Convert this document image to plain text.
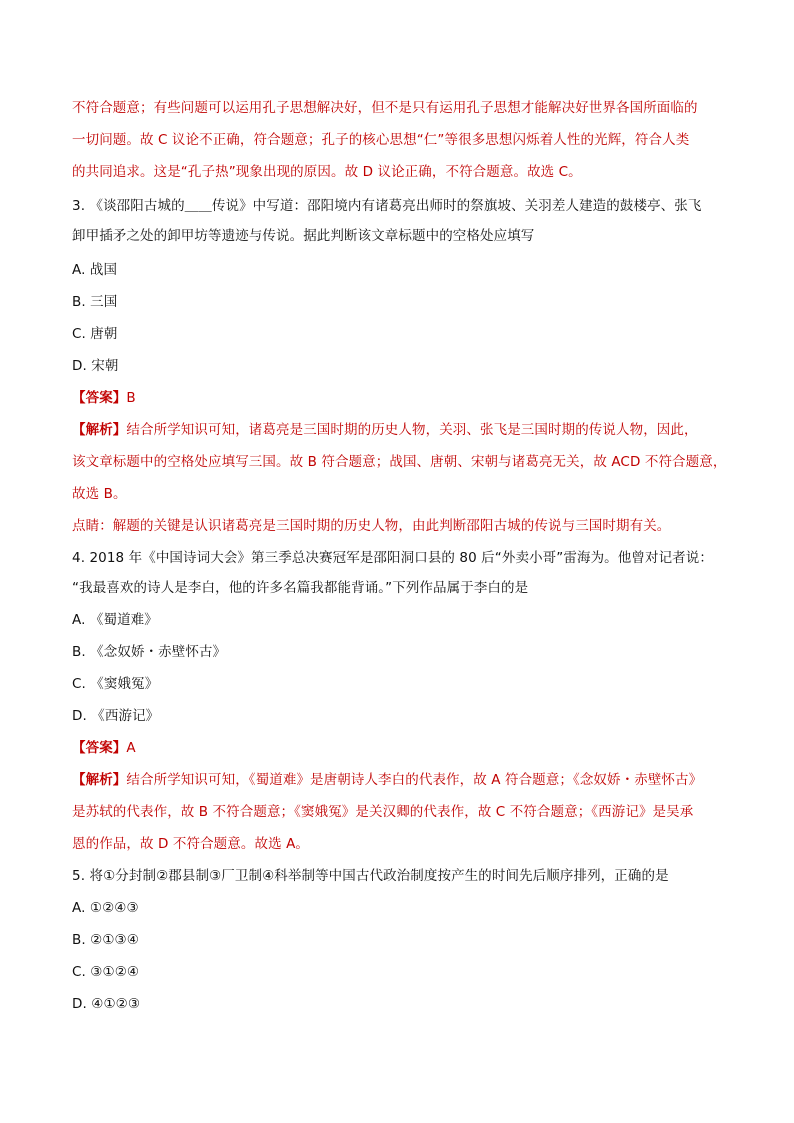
不符合题意；有些问题可以运用孔子思想解决好，但不是只有运用孔子思想才能解决好世界各国所面临的
一切问题。故 C 议论不正确，符合题意；孔子的核心思想“仁”等很多思想闪烁着人性的光辉，符合人类
的共同追求。这是“孔子热”现象出现的原因。故 D 议论正确，不符合题意。故选 C。
3. 《谈邵阳古城的＿＿传说》中写道：邵阳境内有诸葛亮出师时的祭旗坡、关羽差人建造的鼓楼亭、张飞
卸甲插矛之处的卸甲坊等遗迹与传说。据此判断该文章标题中的空格处应填写
A. 战国
B. 三国
C. 唐朝
D. 宋朝
【答案】B
【解析】结合所学知识可知，诸葛亮是三国时期的历史人物，关羽、张飞是三国时期的传说人物，因此，
该文章标题中的空格处应填写三国。故 B 符合题意；战国、唐朝、宋朝与诸葛亮无关，故 ACD 不符合题意，
故选 B。
点睛：解题的关键是认识诸葛亮是三国时期的历史人物，由此判断邵阳古城的传说与三国时期有关。
4. 2018 年《中国诗词大会》第三季总决赛冠军是邵阳洞口县的 80 后“外卖小哥”雷海为。他曾对记者说：
“我最喜欢的诗人是李白，他的许多名篇我都能背诵。”下列作品属于李白的是
A. 《蜀道难》
B. 《念奴娇・赤壁怀古》
C. 《窦娥冤》
D. 《西游记》
【答案】A
【解析】结合所学知识可知，《蜀道难》是唐朝诗人李白的代表作，故 A 符合题意；《念奴娇・赤壁怀古》
是苏轼的代表作，故 B 不符合题意；《窦娥冤》是关汉卿的代表作，故 C 不符合题意；《西游记》是吴承
恩的作品，故 D 不符合题意。故选 A。
5. 将①分封制②郡县制③厂卫制④科举制等中国古代政治制度按产生的时间先后顺序排列，正确的是
A. ①②④③
B. ②①③④
C. ③①②④
D. ④①②③
